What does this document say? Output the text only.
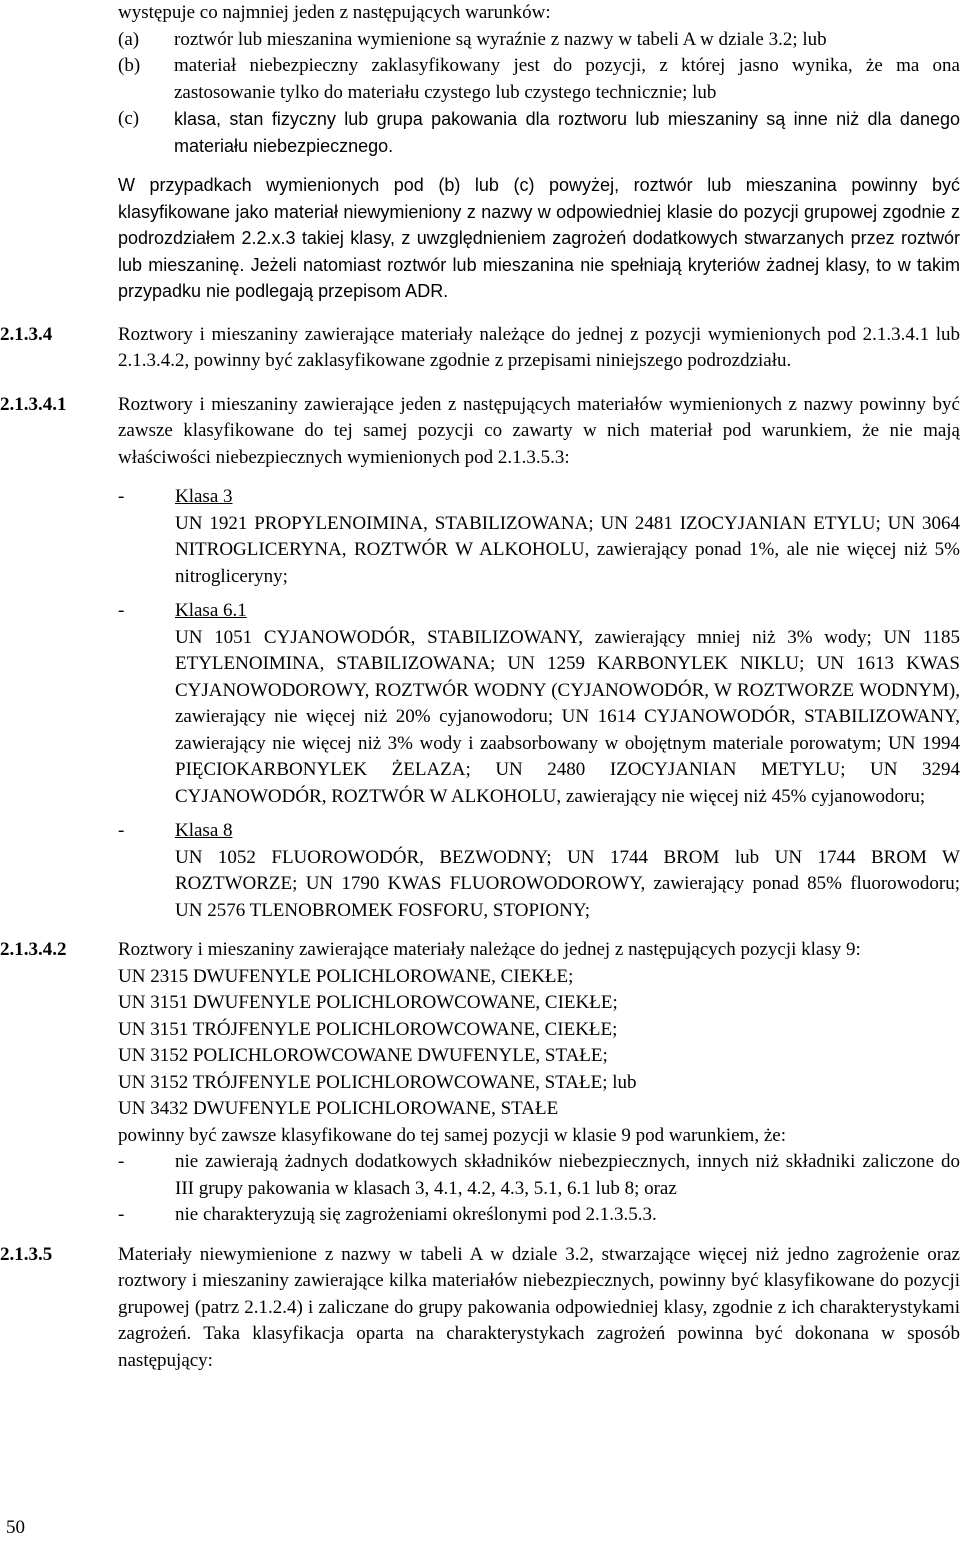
występuje co najmniej jeden z następujących warunków:

(a)	roztwór lub mieszanina wymienione są wyraźnie z nazwy w tabeli A w dziale 3.2; lub
(b)	materiał niebezpieczny zaklasyfikowany jest do pozycji, z której jasno wynika, że ma ona zastosowanie tylko do materiału czystego lub czystego technicznie; lub
(c)	klasa, stan fizyczny lub grupa pakowania dla roztworu lub mieszaniny są inne niż dla danego materiału niebezpiecznego.

W przypadkach wymienionych pod (b) lub (c) powyżej, roztwór lub mieszanina powinny być klasyfikowane jako materiał niewymieniony z nazwy w odpowiedniej klasie do pozycji grupowej zgodnie z podrozdziałem 2.2.x.3 takiej klasy, z uwzględnieniem zagrożeń dodatkowych stwarzanych przez roztwór lub mieszaninę. Jeżeli natomiast roztwór lub mieszanina nie spełniają kryteriów żadnej klasy, to w takim przypadku nie podlegają przepisom ADR.

2.1.3.4	Roztwory i mieszaniny zawierające materiały należące do jednej z pozycji wymienionych pod 2.1.3.4.1 lub 2.1.3.4.2, powinny być zaklasyfikowane zgodnie z przepisami niniejszego podrozdziału.
2.1.3.4.1	Roztwory i mieszaniny zawierające jeden z następujących materiałów wymienionych z nazwy powinny być zawsze klasyfikowane do tej samej pozycji co zawarty w nich materiał pod warunkiem, że nie mają właściwości niebezpiecznych wymienionych pod 2.1.3.5.3:

-	Klasa 3

UN 1921 PROPYLENOIMINA, STABILIZOWANA; UN 2481 IZOCYJANIAN ETYLU; UN 3064 NITROGLICERYNA, ROZTWÓR W ALKOHOLU, zawierający ponad 1%, ale nie więcej niż 5% nitrogliceryny;

-	Klasa 6.1

UN 1051 CYJANOWODÓR, STABILIZOWANY, zawierający mniej niż 3% wody; UN 1185 ETYLENOIMINA, STABILIZOWANA; UN 1259 KARBONYLEK NIKLU; UN 1613 KWAS CYJANOWODOROWY, ROZTWÓR WODNY (CYJANOWODÓR, W ROZTWORZE WODNYM), zawierający nie więcej niż 20% cyjanowodoru; UN 1614 CYJANOWODÓR, STABILIZOWANY, zawierający nie więcej niż 3% wody i zaabsorbowany w obojętnym materiale porowatym; UN 1994 PIĘCIOKARBONYLEK ŻELAZA; UN 2480 IZOCYJANIAN METYLU; UN 3294 CYJANOWODÓR, ROZTWÓR W ALKOHOLU, zawierający nie więcej niż 45% cyjanowodoru;

-	Klasa 8

UN 1052 FLUOROWODÓR, BEZWODNY; UN 1744 BROM lub UN 1744 BROM W ROZTWORZE; UN 1790 KWAS FLUOROWODOROWY, zawierający ponad 85% fluorowodoru; UN 2576 TLENOBROMEK FOSFORU, STOPIONY;

2.1.3.4.2	Roztwory i mieszaniny zawierające materiały należące do jednej z następujących pozycji klasy 9:

UN 2315 DWUFENYLE POLICHLOROWANE, CIEKŁE;

UN 3151 DWUFENYLE POLICHLOROWCOWANE, CIEKŁE;

UN 3151 TRÓJFENYLE POLICHLOROWCOWANE, CIEKŁE;

UN 3152 POLICHLOROWCOWANE DWUFENYLE, STAŁE;

UN 3152 TRÓJFENYLE POLICHLOROWCOWANE, STAŁE; lub

UN 3432 DWUFENYLE POLICHLOROWANE, STAŁE

powinny być zawsze klasyfikowane do tej samej pozycji w klasie 9 pod warunkiem, że:

-	nie zawierają żadnych dodatkowych składników niebezpiecznych, innych niż składniki zaliczone do III grupy pakowania w klasach 3, 4.1, 4.2, 4.3, 5.1, 6.1 lub 8; oraz
-	nie charakteryzują się zagrożeniami określonymi pod 2.1.3.5.3.
2.1.3.5	Materiały niewymienione z nazwy w tabeli A w dziale 3.2, stwarzające więcej niż jedno zagrożenie oraz roztwory i mieszaniny zawierające kilka materiałów niebezpiecznych, powinny być klasyfikowane do pozycji grupowej (patrz 2.1.2.4) i zaliczane do grupy pakowania odpowiedniej klasy, zgodnie z ich charakterystykami zagrożeń. Taka klasyfikacja oparta na charakterystykach zagrożeń powinna być dokonana w sposób następujący:
50
